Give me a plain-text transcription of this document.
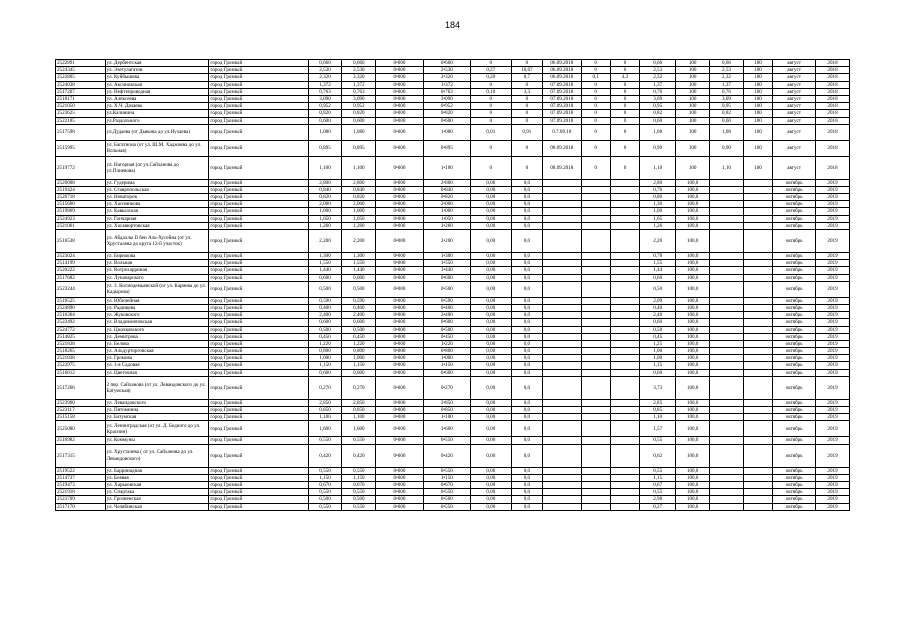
184
2522891	ул. Дербентская	город Грозный	0,660	0,660	0•000	0•660	0	0	06.09.2018	0	0	0,66	100	0,66	100	август	2018
2524345	ул. Эзетулагатов	город Грозный	2,530	2,530	0•000	2•530	0,27	10,67	06.09.2018	0	0	2,53	100	2,53	100	август	2018
2522805	ул. Куйбышева	город Грозный	2,320	2,320	0•000	2•320	0,20	8,7	06.09.2018	0,1	4,3	2,32	100	2,32	100	август	2018
2524038	ул. Аксиновская	город Грозный	1,372	1,372	0•000	1•372	0	0	07.09.2018	0	0	1,37	100	1,37	100	август	2018
2517207	ул. Нефтепроводная	город Грозный	0,763	0,763	0•000	0•763	0,10	3,3	07.09.2018	0	0	0,76	100	0,76	100	август	2018
2518171	ул. Алексеева	город Грозный	3,090	3,090	0•000	3•090	0	0	07.09.2018	0	0	3,09	100	3,09	100	август	2018
2521050	ул. Х.Ч. Дачаева	город Грозный	0,952	0,952	0•000	0•952	0	0	07.09.2018	0	0	0,95	100	0,95	100	август	2018
2523625	ул.Калинина	город Грозный	0,820	0,820	0•000	0•820	0	0	07.09.2018	0	0	0,82	100	0,82	100	август	2018
2522185	ул.Раздольного	город Грозный	0,600	0,600	0•000	0•600	0	0	07.09.2018	0	0	0,60	100	0,60	100	август	2018
2517598	ул.Дудаева (от Дьякова до ул.Нухаева)	город Грозный	1,080	1,080	0•000	1•080	0,01	0,91	0.7.09.18	0	0	1,08	100	1,08	100	август	2018
2515995	ул. Багатиона (от ул. Ш.М. Хаджиева до ул. Вольная)	город Грозный	0,895	0,895	0•000	0•895	0	0	08.09.2018	0	0	0,90	100	0,90	100	август	2018
2519772	ул. Нагорная (от ул.Сайханова до ул.Плиевова)	город Грозный	1,100	1,100	0•000	1•100	0	0	08.09.2018	0	0	1,10	100	1,10	100	август	2018
2520008	ул. Гудерима	город Грозный	2,800	2,800	0•000	2•800	0,00	0,0				2,80	100,0			октябрь	2019
2519424	ул. Ставропольская	город Грозный	0,840	0,840	0•000	0•840	0,00	0,0				0,76	100,0			октябрь	2019
2520718	ул. Новаторов	город Грозный	0,820	0,820	0•000	0•820	0,00	0,0				0,80	100,0			октябрь	2019
2515600	ул. Хасимикова	город Грозный	2,000	2,000	0•000	2•000	0,00	0,0				1,30	100,0			октябрь	2019
2519869	ул. Кавказская	город Грозный	1,000	1,000	0•000	1•000	0,00	0,0				1,00	100,0			октябрь	2019
2524923	ул. Гончарная	город Грозный	1,050	1,050	0•000	1•050	0,00	0,0				1,05	100,0			октябрь	2019
2521061	ул. Хасавюртовская	город Грозный	1,260	1,260	0•000	1•260	0,00	0,0				1,26	100,0			октябрь	2019
2516538	ул. Абдаллы II бен Аль-Хусейна (от ул. Хрусталева до круга 12-й участок)	город Грозный	2,200	2,200	0•000	2•200	0,00	0,0				2,20	100,0			октябрь	2019
2523024	ул. Бирюкова	город Грозный	1,300	1,300	0•000	1•300	0,00	0,0				0,78	100,0			октябрь	2019
2514199	ул. Вольная	город Грозный	1,550	1,550	0•000	1•550	0,00	0,0				1,55	100,0			октябрь	2019
2520222	ул. Вотрохарриная	город Грозный	1,440	1,440	0•000	1•440	0,00	0,0				1,44	100,0			октябрь	2019
2517682	ул. Луначарского	город Грозный	0,600	0,600	0•000	0•600	0,00	0,0				0,60	100,0			октябрь	2019
2523244	ул. 3. Космодемьянской (от ул. Кариева до ул. Кадырова)	город Грозный	0,500	0,500	0•000	0•500	0,00	0,0				0,50	100,0			октябрь	2019
2519525	ул. Юбилейная	город Грозный	0,590	0,590	0•000	0•590	0,00	0,0				2,09	100,0			октябрь	2019
2524890	ул. Радищева	город Грозный	0,400	0,400	0•000	0•400	0,00	0,0				0,40	100,0			октябрь	2019
2516364	ул. Жуковского	город Грозный	2,400	2,400	0•000	2•400	0,00	0,0				2,40	100,0			октябрь	2019
2522492	ул. Владимовтовская	город Грозный	0,600	0,600	0•000	0•600	0,00	0,0				0,60	100,0			октябрь	2019
2524772	ул. Циолковского	город Грозный	0,500	0,500	0•000	0•500	0,00	0,0				0,50	100,0			октябрь	2019
2514825	ул. Демитрова	город Грозный	0,450	0,450	0•000	0•450	0,00	0,0				0,45	100,0			октябрь	2019
2521838	ул. Белова	город Грозный	1,220	1,220	0•000	1•220	0,00	0,0				1,25	100,0			октябрь	2019
2518265	ул. Альдурторговская	город Грозный	0,800	0,800	0•000	0•800	0,00	0,0				1,00	100,0			октябрь	2019
2521838	ул. Громова	город Грозный	1,000	1,000	0•000	1•000	0,00	0,0				1,00	100,0			октябрь	2019
2522975	ул. 1-я Садовая	город Грозный	1,150	1,150	0•000	1•150	0,00	0,0				1,15	100,0			октябрь	2019
2516612	ул. Цветочная	город Грозный	0,600	0,600	0•000	0•600	0,00	0,0				0,60	100,0			октябрь	2019
2517266	2 пер. Сайханова (от ул. Левандовского до ул. Батумская)	город Грозный	0,270	0,270	0•000	0•270	0,00	0,0				3,73	100,0			октябрь	2019
2523900	ул. Левандовского	город Грозный	2,850	2,850	0•000	2•850	0,00	0,0				2,85	100,0			октябрь	2019
2523117	ул. Пятомнина	город Грозный	0,850	0,850	0•000	0•850	0,00	0,0				0,85	100,0			октябрь	2019
2515158	ул. Батумская	город Грозный	1,100	1,100	0•000	1•100	0,00	0,0				1,10	100,0			октябрь	2019
2525080	ул. Ленинградская (от ул. Д. Бедного до ул. Краснин)	город Грозный	1,600	1,600	0•000	1•600	0,00	0,0				1,57	100,0			октябрь	2019
2516982	ул. Коммуны	город Грозный	0,550	0,550	0•000	0•550	0,00	0,0				0,55	100,0			октябрь	2019
2517315	ул. Хрусталева ( от ул. Сайханова до ул. Левандовского)	город Грозный	0,420	0,420	0•000	0•420	0,00	0,0				0,62	100,0			октябрь	2019
2519522	ул. Барринадная	город Грозный	0,550	0,550	0•000	0•550	0,00	0,0				0,55	100,0			октябрь	2019
2514737	ул. Боевая	город Грозный	1,150	1,150	0•000	1•150	0,00	0,0				1,15	100,0			октябрь	2019
2519473	ул. Харьковская	город Грозный	0,670	0,670	0•000	0•670	0,00	0,0				0,67	100,0			октябрь	2019
2521918	ул. Спартака	город Грозный	0,550	0,550	0•000	0•550	0,00	0,0				0,55	100,0			октябрь	2019
2523709	ул. Грозненская	город Грозный	0,500	0,500	0•000	0•500	0,00	0,0				2,98	100,0			октябрь	2019
2517170	ул. Челябинская	город Грозный	0,550	0,550	0•000	0•550	0,00	0,0				0,27	100,0			октябрь	2019
